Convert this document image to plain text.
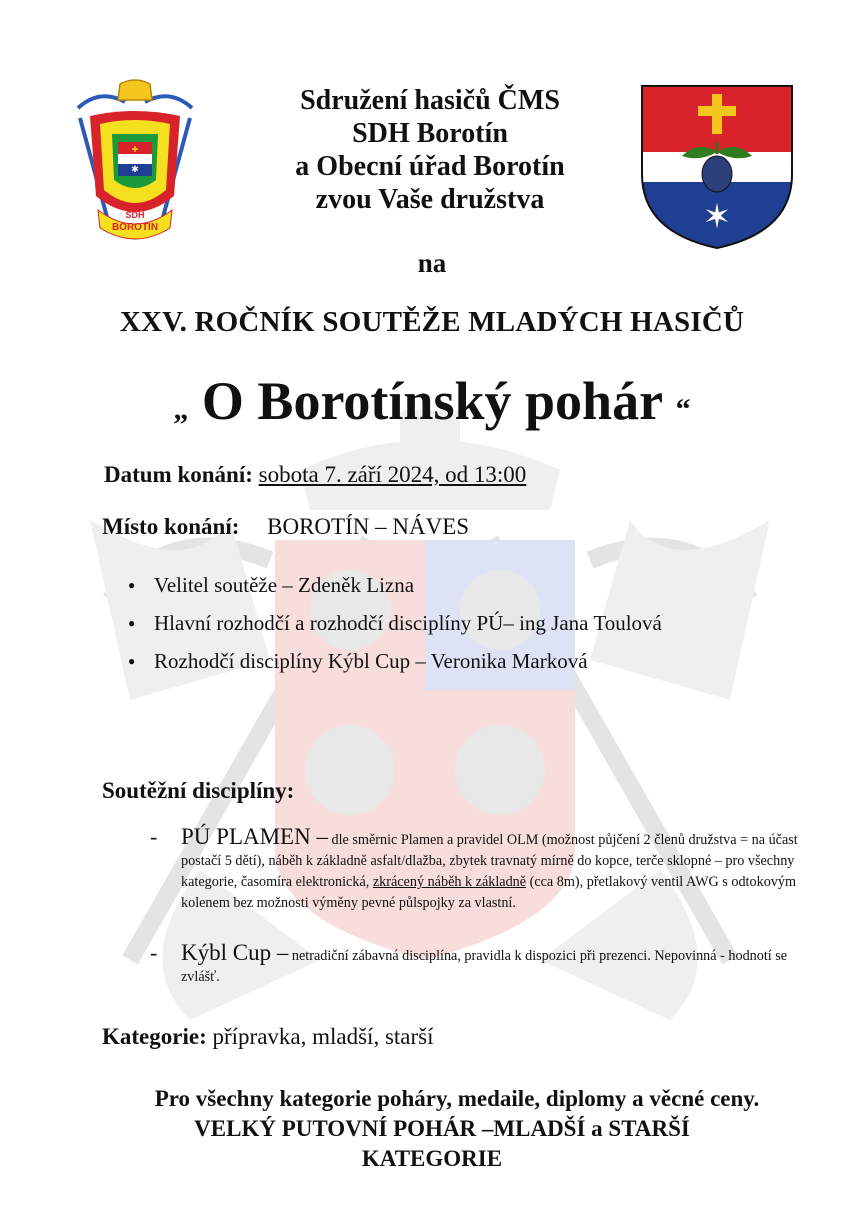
✱
✚
SDH
BOROTÍN	✶
Sdružení hasičů ČMS
SDH Borotín
a Obecní úřad Borotín
zvou Vaše družstva
na
XXV. ROČNÍK SOUTĚŽE MLADÝCH HASIČŮ
„ O Borotínský pohár “
Datum konání: sobota 7. září 2024, od 13:00
Místo konání: BOROTÍN – NÁVES
● Velitel soutěže – Zdeněk Lizna
● Hlavní rozhodčí a rozhodčí disciplíny PÚ– ing Jana Toulová
● Rozhodčí disciplíny Kýbl Cup – Veronika Marková
Soutěžní disciplíny:
- PÚ PLAMEN – dle směrnic Plamen a pravidel OLM (možnost půjčení 2 členů družstva = na účast postačí 5 dětí), náběh k základně asfalt/dlažba, zbytek travnatý mírně do kopce, terče sklopné – pro všechny kategorie, časomíra elektronická, zkrácený náběh k základně (cca 8m), přetlakový ventil AWG s odtokovým kolenem bez možnosti výměny pevné půlspojky za vlastní.
- Kýbl Cup – netradiční zábavná disciplína, pravidla k dispozici při prezenci. Nepovinná - hodnotí se zvlášť.
Kategorie: přípravka, mladší, starší
Pro všechny kategorie poháry, medaile, diplomy a věcné ceny.
VELKÝ PUTOVNÍ POHÁR –MLADŠÍ a STARŠÍ
KATEGORIE
